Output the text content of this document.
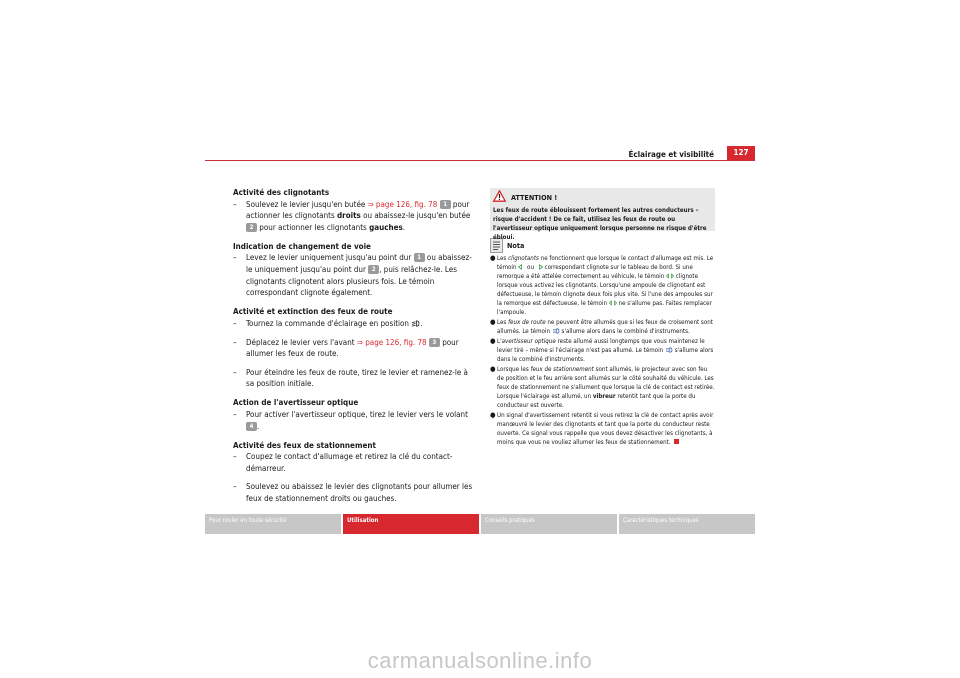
Éclairage et visibilité	127

Activité des clignotants

–	Soulevez le levier jusqu'en butée ⇒ page 126, fig. 78 1 pour actionner les clignotants droits ou abaissez-le jusqu'en butée 2 pour actionner les clignotants gauches.

Indication de changement de voie

–	Levez le levier uniquement jusqu'au point dur 1 ou abaissez-le uniquement jusqu'au point dur 2 , puis relâchez-le. Les clignotants clignotent alors plusieurs fois. Le témoin correspondant clignote également.

Activité et extinction des feux de route

–	Tournez la commande d'éclairage en position .
–	Déplacez le levier vers l'avant ⇒ page 126, fig. 78 3 pour allumer les feux de route.
–	Pour éteindre les feux de route, tirez le levier et ramenez-le à sa position initiale.

Action de l'avertisseur optique

–	Pour activer l'avertisseur optique, tirez le levier vers le volant 4 .

Activité des feux de stationnement

–	Coupez le contact d'allumage et retirez la clé du contact-démarreur.
–	Soulevez ou abaissez le levier des clignotants pour allumer les feux de stationnement droits ou gauches.
ATTENTION !
Les feux de route éblouissent fortement les autres conducteurs – risque d'accident ! De ce fait, utilisez les feux de route ou l'avertisseur optique uniquement lorsque personne ne risque d'être ébloui.
Nota
● Les clignotants ne fonctionnent que lorsque le contact d'allumage est mis. Le témoin  ou  correspondant clignote sur le tableau de bord. Si une remorque a été attelée correctement au véhicule, le témoin  clignote lorsque vous activez les clignotants. Lorsqu'une ampoule de clignotant est défectueuse, le témoin clignote deux fois plus vite. Si l'une des ampoules sur la remorque est défectueuse, le témoin  ne s'allume pas. Faites remplacer l'ampoule.
● Les feux de route ne peuvent être allumés que si les feux de croisement sont allumés. Le témoin  s'allume alors dans le combiné d'instruments.
● L'avertisseur optique reste allumé aussi longtemps que vous maintenez le levier tiré – même si l'éclairage n'est pas allumé. Le témoin  s'allume alors dans le combiné d'instruments.
● Lorsque les feux de stationnement sont allumés, le projecteur avec son feu de position et le feu arrière sont allumés sur le côté souhaité du véhicule. Les feux de stationnement ne s'allument que lorsque la clé de contact est retirée. Lorsque l'éclairage est allumé, un vibreur retentit tant que la porte du conducteur est ouverte.
● Un signal d'avertissement retentit si vous retirez la clé de contact après avoir manœuvré le levier des clignotants et tant que la porte du conducteur reste ouverte. Ce signal vous rappelle que vous devez désactiver les clignotants, à moins que vous ne vouliez allumer les feux de stationnement.
Pour rouler en toute sécurité	Utilisation	Conseils pratiques	Caractéristiques techniques
carmanualsonline.info
